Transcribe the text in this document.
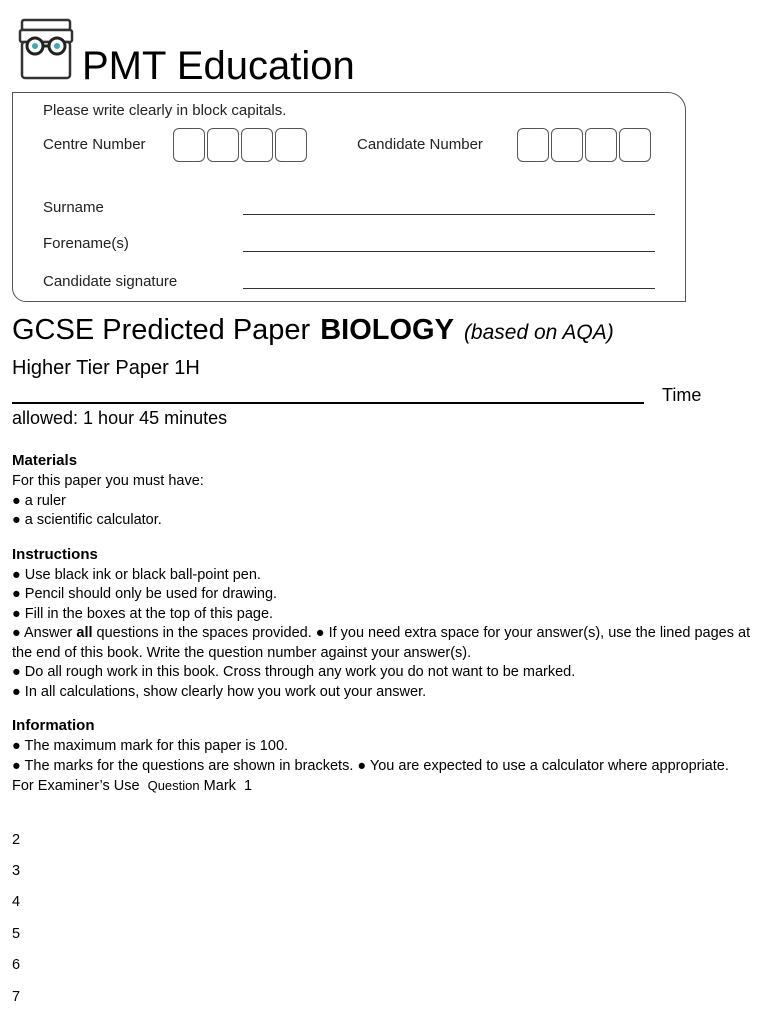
PMT Education
Please write clearly in block capitals.
Centre Number	Candidate Number
Surname
Forename(s)
Candidate signature
GCSE Predicted Paper BIOLOGY (based on AQA)
Higher Tier Paper 1H
Time
allowed: 1 hour 45 minutes
Materials

For this paper you must have:

● a ruler

● a scientific calculator.

Instructions

● Use black ink or black ball-point pen.

● Pencil should only be used for drawing.

● Fill in the boxes at the top of this page.

● Answer all questions in the spaces provided. ● If you need extra space for your answer(s), use the lined pages at the end of this book. Write the question number against your answer(s).

● Do all rough work in this book. Cross through any work you do not want to be marked.

● In all calculations, show clearly how you work out your answer.

Information

● The maximum mark for this paper is 100.

● The marks for the questions are shown in brackets. ● You are expected to use a calculator where appropriate.

For Examiner’s Use Question Mark 1

2
3
4
5
6
7
